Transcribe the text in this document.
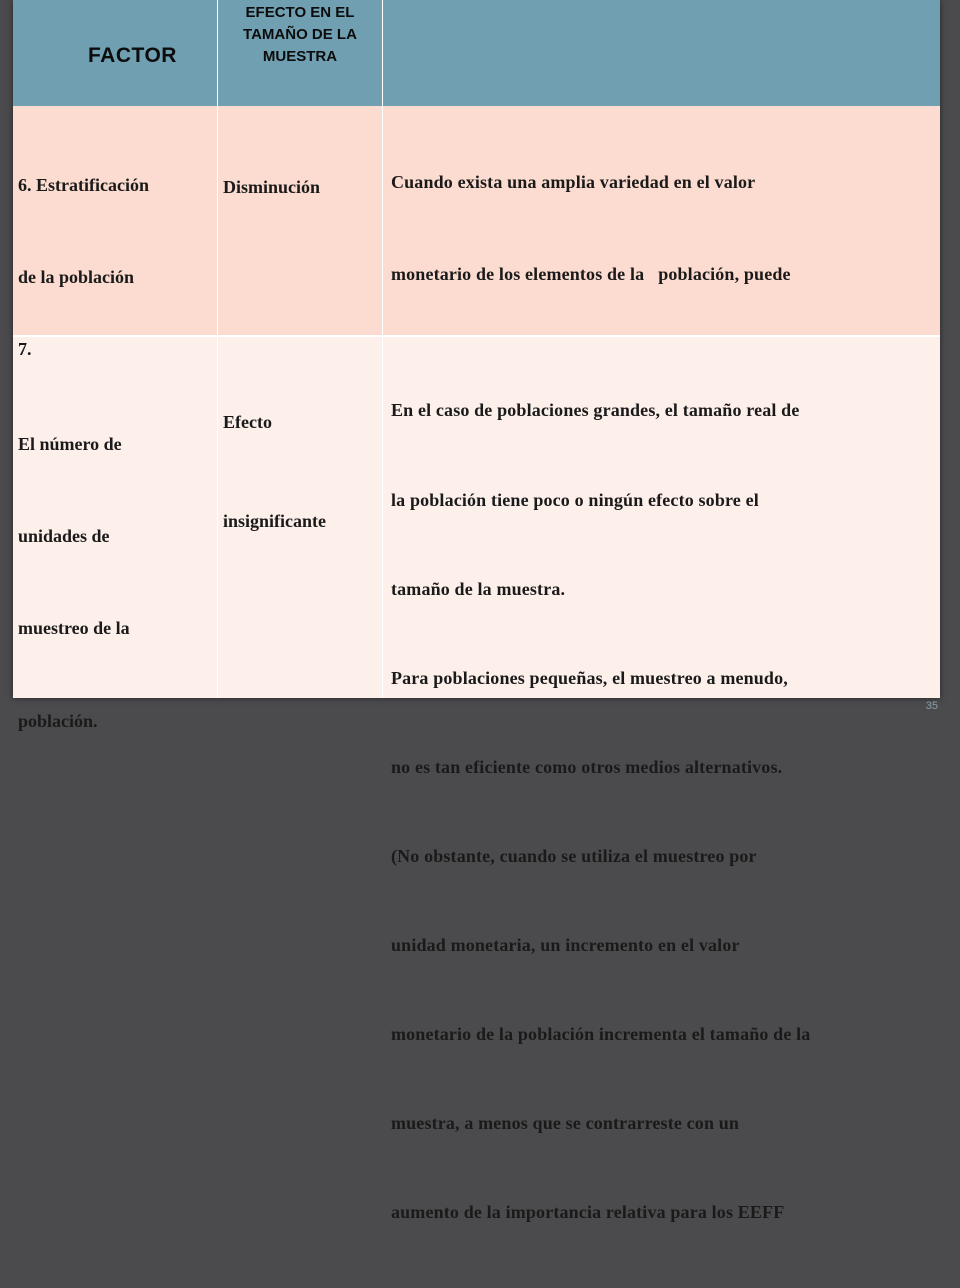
FACTOR
EFECTO EN EL
TAMAÑO DE LA
MUESTRA

6. Estratificación

de la población

Disminución

	Cuando exista una amplia variedad en el valor

monetario de los elementos de la   población, puede

7.

El número de

unidades de

muestreo de la

población.

Efecto

insignificante

En el caso de poblaciones grandes, el tamaño real de

la población tiene poco o ningún efecto sobre el

tamaño de la muestra.

Para poblaciones pequeñas, el muestreo a menudo,

no es tan eficiente como otros medios alternativos.

(No obstante, cuando se utiliza el muestreo por

unidad monetaria, un incremento en el valor

monetario de la población incrementa el tamaño de la

muestra, a menos que se contrarreste con un

aumento de la importancia relativa para los EEFF

35
